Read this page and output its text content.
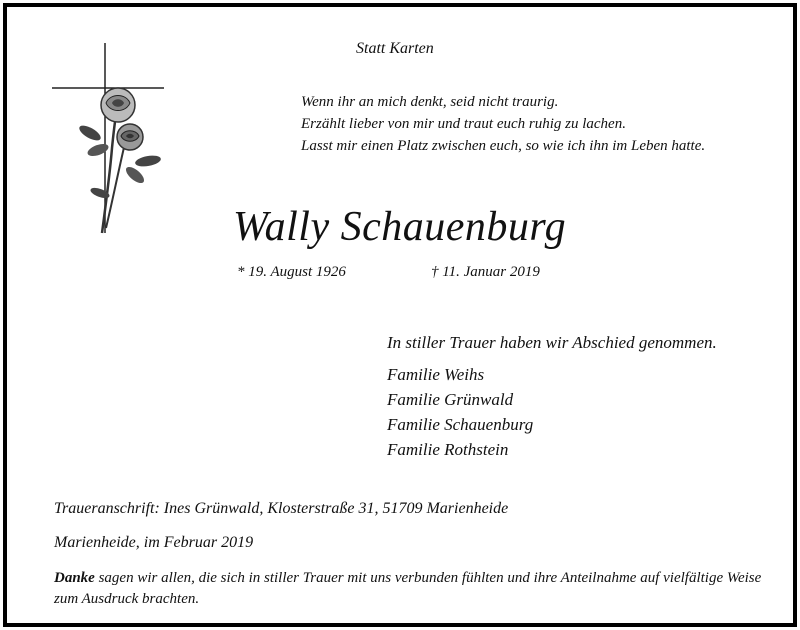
Statt Karten
Wenn ihr an mich denkt, seid nicht traurig.
Erzählt lieber von mir und traut euch ruhig zu lachen.
Lasst mir einen Platz zwischen euch, so wie ich ihn im Leben hatte.
Wally Schauenburg
* 19. August 1926	† 11. Januar 2019
In stiller Trauer haben wir Abschied genommen.
Familie Weihs
Familie Grünwald
Familie Schauenburg
Familie Rothstein
Traueranschrift: Ines Grünwald, Klosterstraße 31, 51709 Marienheide
Marienheide, im Februar 2019
Danke sagen wir allen, die sich in stiller Trauer mit uns verbunden fühlten und ihre Anteilnahme auf vielfältige Weise zum Ausdruck brachten.
